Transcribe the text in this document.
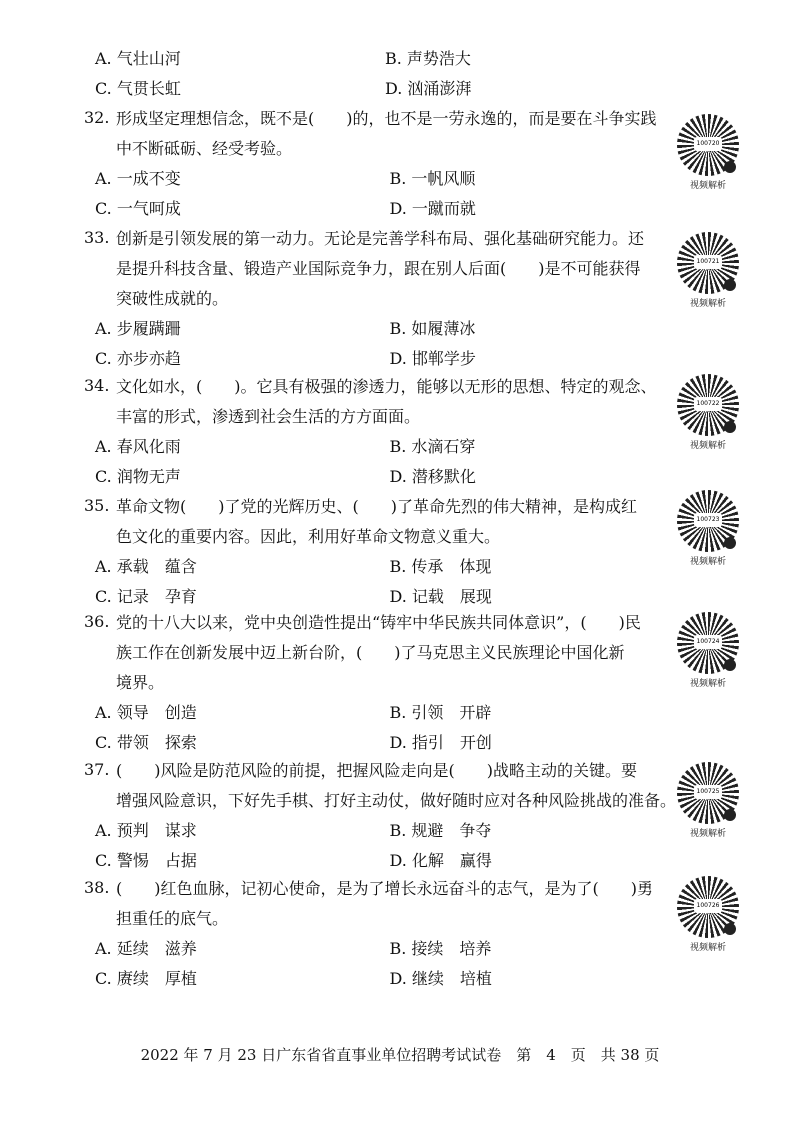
A. 气壮山河	B. 声势浩大
C. 气贯长虹	D. 汹涌澎湃
32. 形成坚定理想信念，既不是(　　)的，也不是一劳永逸的，而是要在斗争实践
中不断砥砺、经受考验。
A. 一成不变	B. 一帆风顺
C. 一气呵成	D. 一蹴而就
100720
视频解析
33. 创新是引领发展的第一动力。无论是完善学科布局、强化基础研究能力。还
是提升科技含量、锻造产业国际竞争力，跟在别人后面(　　)是不可能获得
突破性成就的。
A. 步履蹒跚	B. 如履薄冰
C. 亦步亦趋	D. 邯郸学步
100721
视频解析
34. 文化如水，(　　)。它具有极强的渗透力，能够以无形的思想、特定的观念、
丰富的形式，渗透到社会生活的方方面面。
A. 春风化雨	B. 水滴石穿
C. 润物无声	D. 潜移默化
100722
视频解析
35. 革命文物(　　)了党的光辉历史、(　　)了革命先烈的伟大精神，是构成红
色文化的重要内容。因此，利用好革命文物意义重大。
A. 承载　蕴含	B. 传承　体现
C. 记录　孕育	D. 记载　展现
100723
视频解析
36. 党的十八大以来，党中央创造性提出“铸牢中华民族共同体意识”，(　　)民
族工作在创新发展中迈上新台阶，(　　)了马克思主义民族理论中国化新
境界。
A. 领导　创造	B. 引领　开辟
C. 带领　探索	D. 指引　开创
100724
视频解析
37. (　　)风险是防范风险的前提，把握风险走向是(　　)战略主动的关键。要
增强风险意识，下好先手棋、打好主动仗，做好随时应对各种风险挑战的准备。
A. 预判　谋求	B. 规避　争夺
C. 警惕　占据	D. 化解　赢得
100725
视频解析
38. (　　)红色血脉，记初心使命，是为了增长永远奋斗的志气，是为了(　　)勇
担重任的底气。
A. 延续　滋养	B. 接续　培养
C. 赓续　厚植	D. 继续　培植
100726
视频解析
2022 年 7 月 23 日广东省省直事业单位招聘考试试卷　第　4　页　共 38 页
